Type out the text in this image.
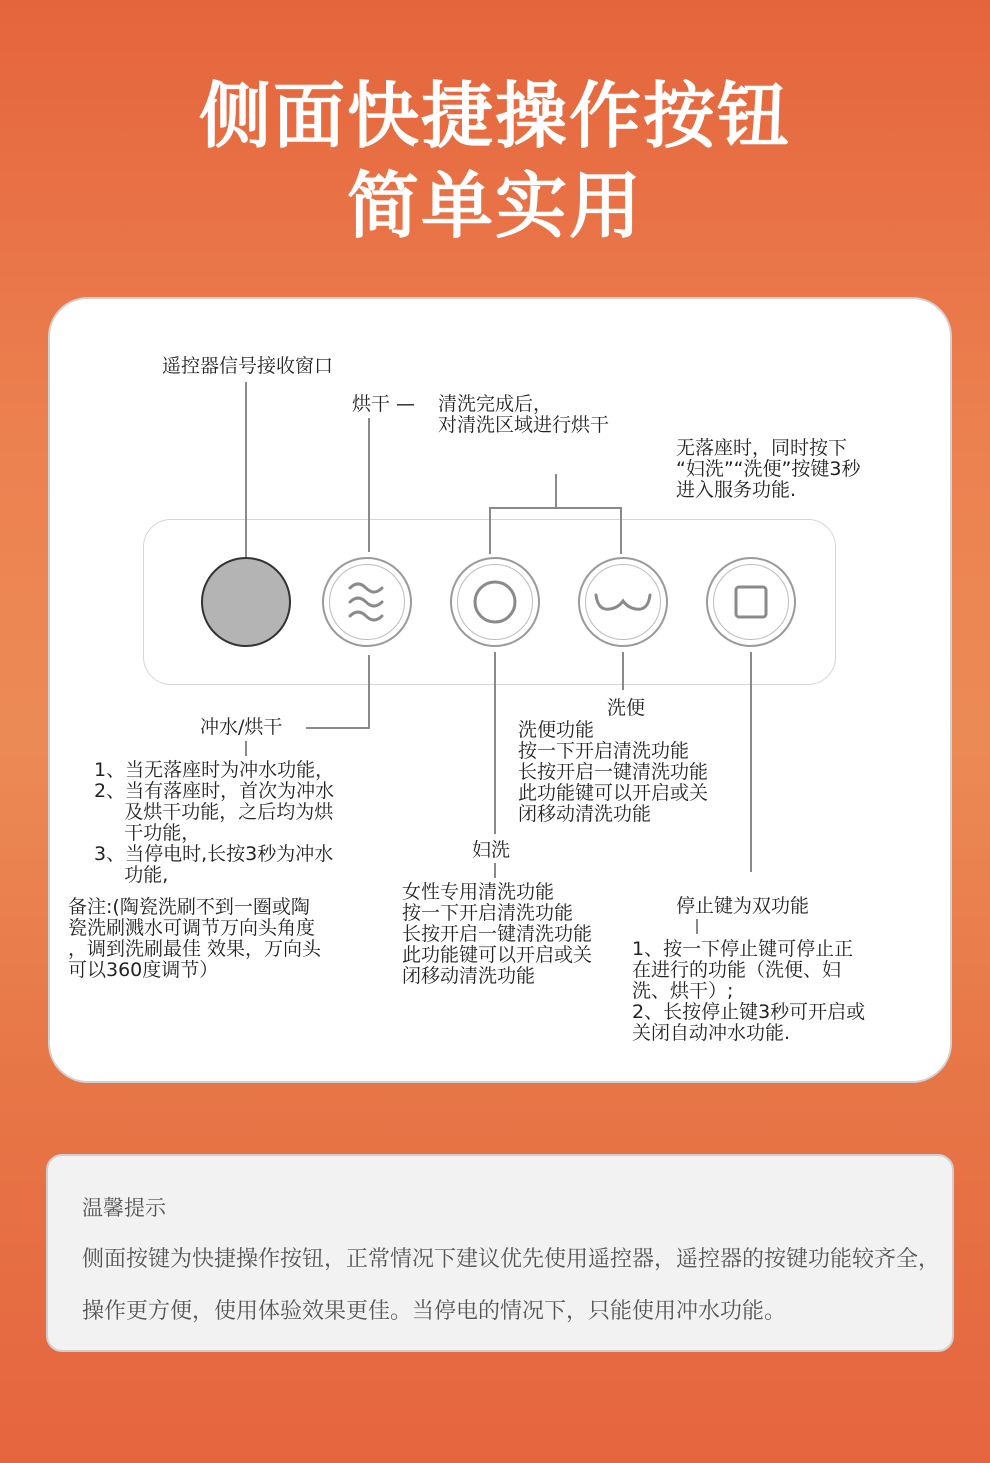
侧面快捷操作按钮
简单实用
遥控器信号接收窗口
烘干 — 清洗完成后，
对清洗区域进行烘干
无落座时，同时按下
“妇洗”“洗便”按键3秒
进入服务功能.
冲水/烘干
1、当无落座时为冲水功能，
2、当有落座时，首次为冲水
及烘干功能，之后均为烘
干功能，
3、当停电时,长按3秒为冲水
功能,
备注:(陶瓷洗刷不到一圈或陶
瓷洗刷溅水可调节万向头角度
，调到洗刷最佳 效果，万向头
可以360度调节）
洗便
洗便功能
按一下开启清洗功能
长按开启一键清洗功能
此功能键可以开启或关
闭移动清洗功能
妇洗
女性专用清洗功能
按一下开启清洗功能
长按开启一键清洗功能
此功能键可以开启或关
闭移动清洗功能
停止键为双功能
1、按一下停止键可停止正
在进行的功能（洗便、妇
洗、烘干）;
2、长按停止键3秒可开启或
关闭自动冲水功能.
温馨提示
侧面按键为快捷操作按钮，正常情况下建议优先使用遥控器，遥控器的按键功能较齐全，操作更方便，使用体验效果更佳。当停电的情况下，只能使用冲水功能。
